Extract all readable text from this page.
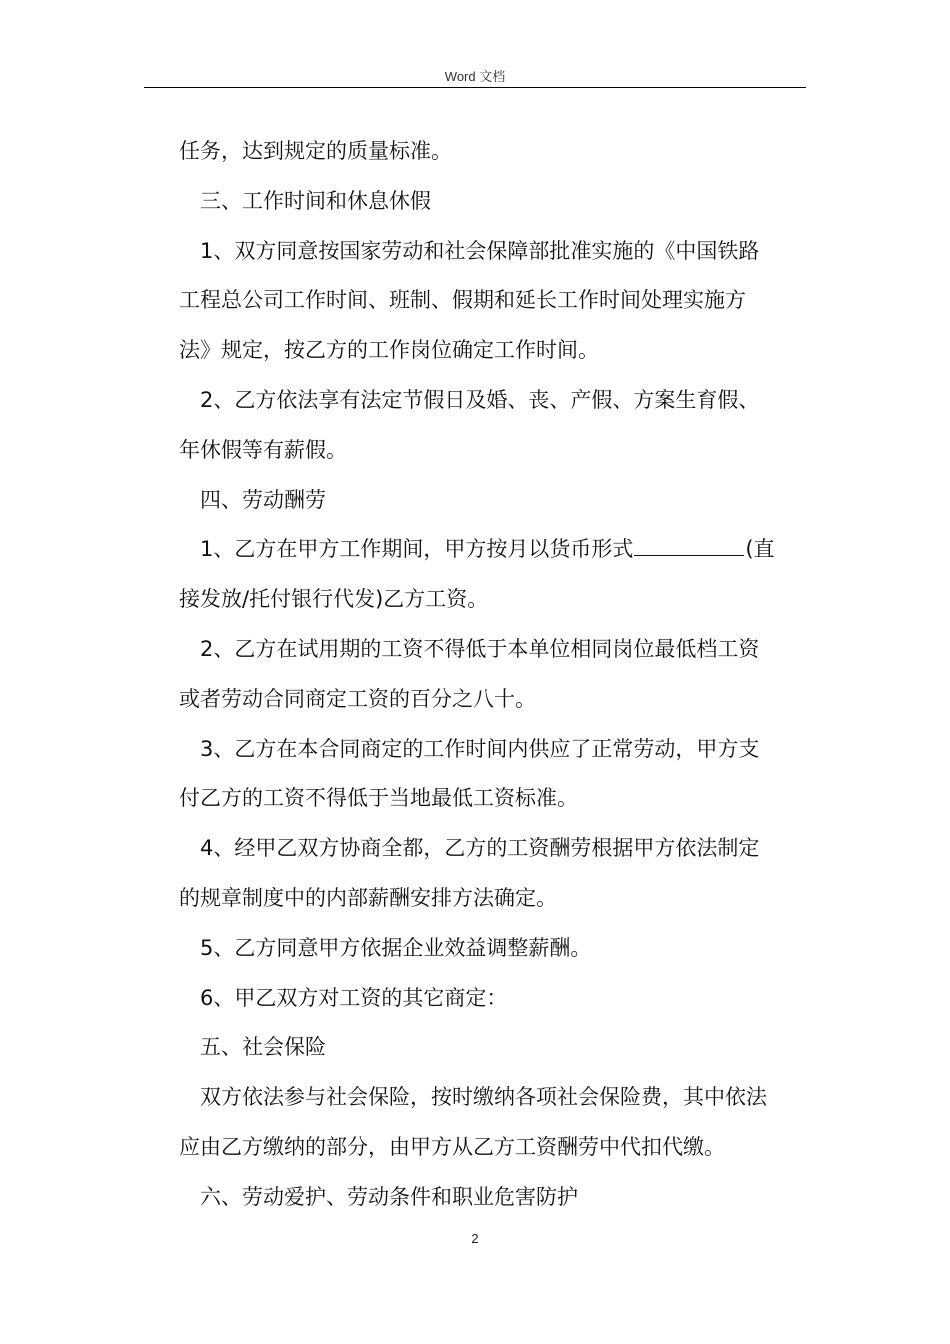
Word 文档

任务，达到规定的质量标准。

三、工作时间和休息休假

1、双方同意按国家劳动和社会保障部批准实施的《中国铁路

工程总公司工作时间、班制、假期和延长工作时间处理实施方

法》规定，按乙方的工作岗位确定工作时间。

2、乙方依法享有法定节假日及婚、丧、产假、方案生育假、

年休假等有薪假。

四、劳动酬劳

1、乙方在甲方工作期间，甲方按月以货币形式	(直

接发放/托付银行代发)乙方工资。

2、乙方在试用期的工资不得低于本单位相同岗位最低档工资

或者劳动合同商定工资的百分之八十。

3、乙方在本合同商定的工作时间内供应了正常劳动，甲方支

付乙方的工资不得低于当地最低工资标准。

4、经甲乙双方协商全都，乙方的工资酬劳根据甲方依法制定

的规章制度中的内部薪酬安排方法确定。

5、乙方同意甲方依据企业效益调整薪酬。

6、甲乙双方对工资的其它商定：

五、社会保险

双方依法参与社会保险，按时缴纳各项社会保险费，其中依法

应由乙方缴纳的部分，由甲方从乙方工资酬劳中代扣代缴。

六、劳动爱护、劳动条件和职业危害防护

2
